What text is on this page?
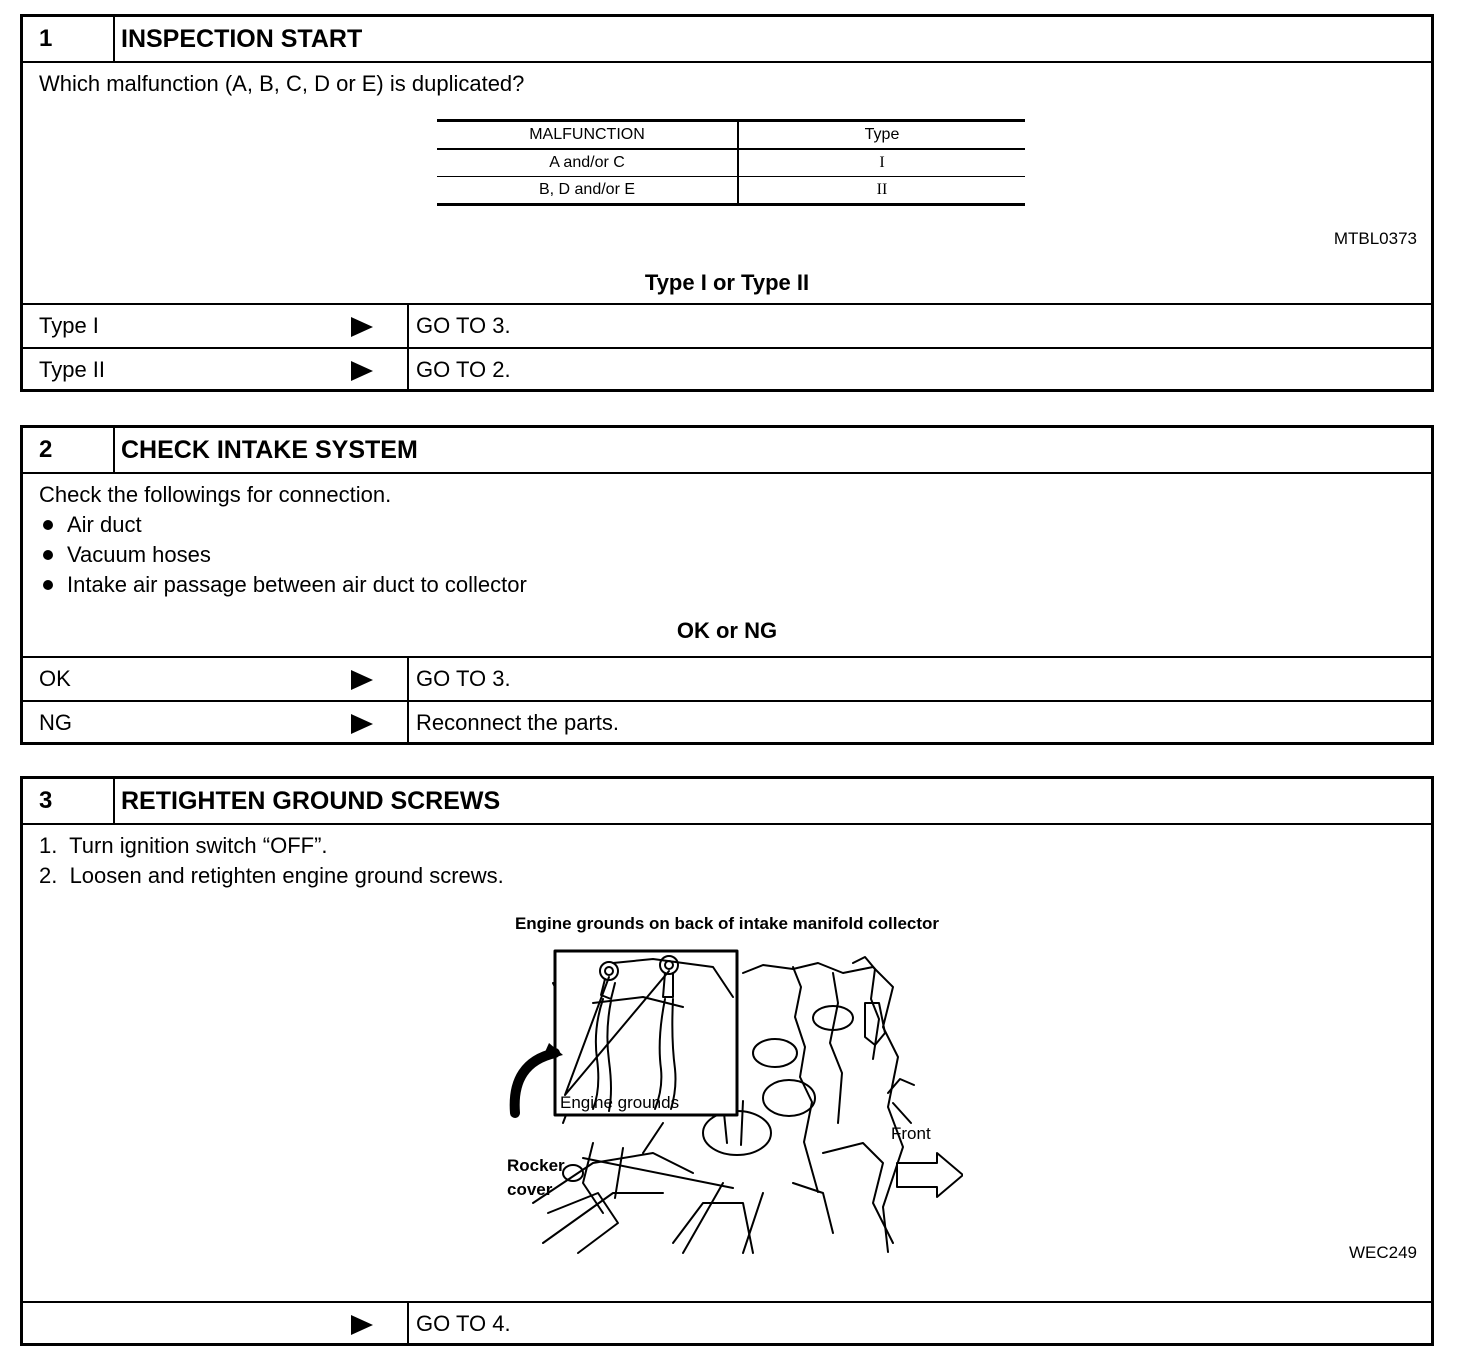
1	INSPECTION START
Which malfunction (A, B, C, D or E) is duplicated?
MALFUNCTION	Type
A and/or C	I
B, D and/or E	II
MTBL0373
Type I or Type II
Type I	GO TO 3.
Type II	GO TO 2.
2	CHECK INTAKE SYSTEM
Check the followings for connection.
Air duct
Vacuum hoses
Intake air passage between air duct to collector
OK or NG
OK	GO TO 3.
NG	Reconnect the parts.
3	RETIGHTEN GROUND SCREWS
1.  Turn ignition switch “OFF”.
2.  Loosen and retighten engine ground screws.
Engine grounds on back of intake manifold collector
Engine grounds
Rocker
cover
Front
WEC249
GO TO 4.
